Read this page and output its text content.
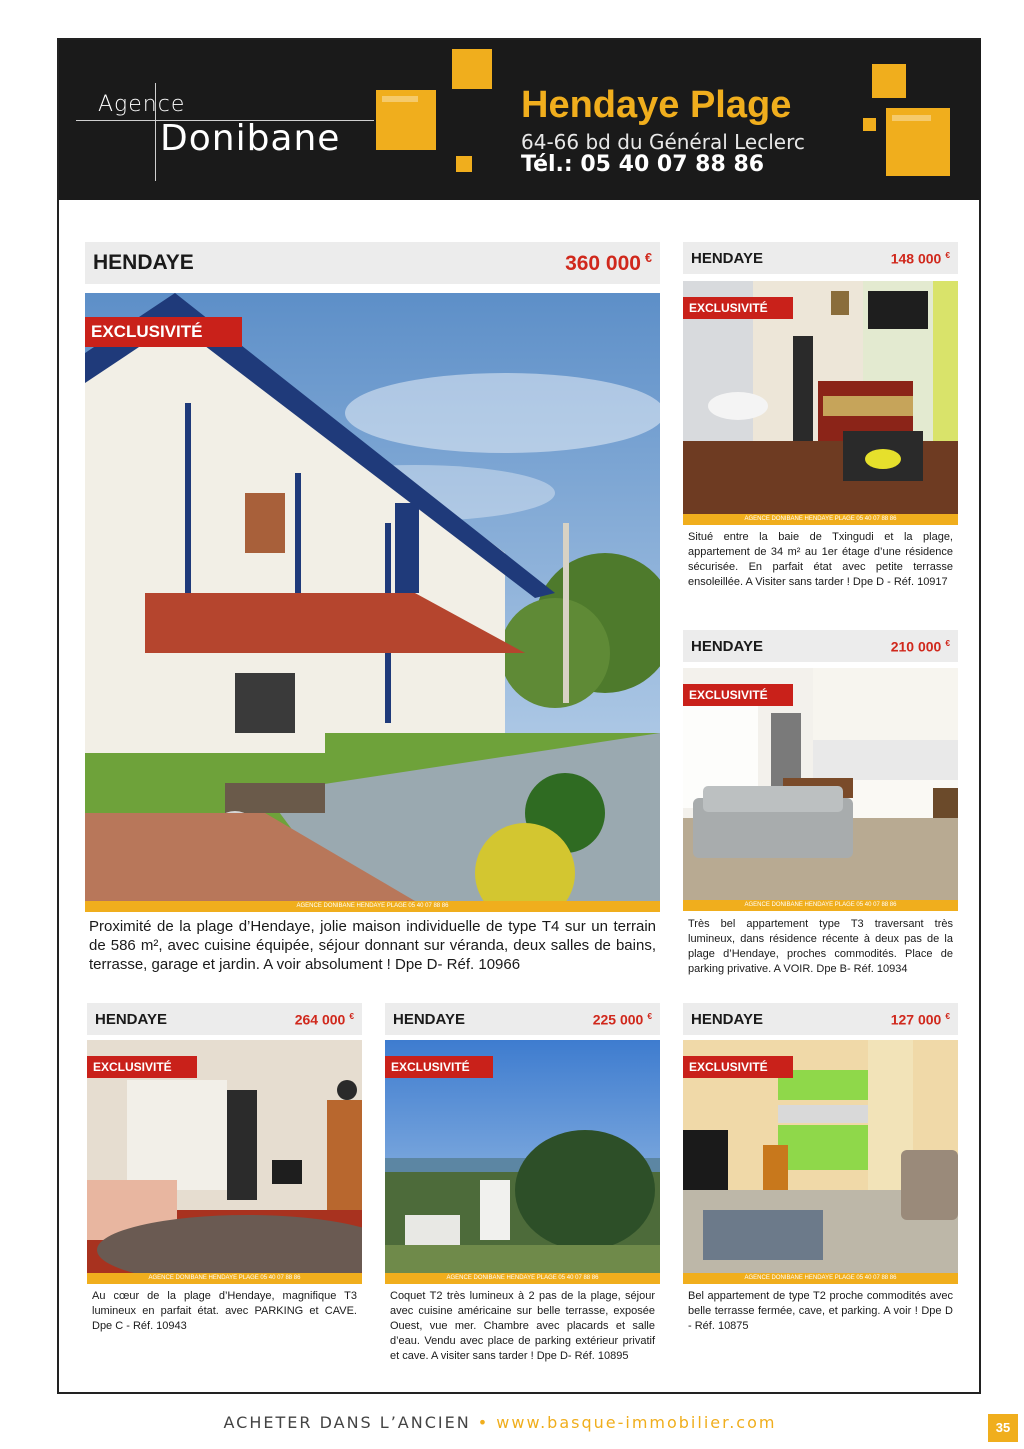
Agence
Donibane
Hendaye Plage
64-66 bd du Général Leclerc
Tél.: 05 40 07 88 86
HENDAYE	360 000 €
EXCLUSIVITÉ
AGENCE DONIBANE HENDAYE PLAGE 05 40 07 88 86
Proximité de la plage d’Hendaye, jolie maison individuelle de type T4 sur un terrain de 586 m², avec cuisine équipée, séjour donnant sur véranda, deux salles de bains, terrasse, garage et jardin. A voir absolument ! Dpe D- Réf. 10966
HENDAYE	148 000 €
EXCLUSIVITÉ
AGENCE DONIBANE HENDAYE PLAGE 05 40 07 88 86
Situé entre la baie de Txingudi et la plage, appartement de 34 m² au 1er étage d’une résidence sécurisée. En parfait état avec petite terrasse ensoleillée. A Visiter sans tarder ! Dpe D - Réf. 10917
HENDAYE	210 000 €
EXCLUSIVITÉ
AGENCE DONIBANE HENDAYE PLAGE 05 40 07 88 86
Très bel appartement type T3 traversant très lumineux, dans résidence récente à deux pas de la plage d’Hendaye, proches commodités. Place de parking privative. A VOIR. Dpe B- Réf. 10934
HENDAYE	264 000 €
EXCLUSIVITÉ
AGENCE DONIBANE HENDAYE PLAGE 05 40 07 88 86
Au cœur de la plage d’Hendaye, magnifique T3 lumineux en parfait état. avec PARKING et CAVE. Dpe C - Réf. 10943
HENDAYE	225 000 €
EXCLUSIVITÉ
AGENCE DONIBANE HENDAYE PLAGE 05 40 07 88 86
Coquet T2 très lumineux à 2 pas de la plage, séjour avec cuisine américaine sur belle terrasse, exposée Ouest, vue mer. Chambre avec placards et salle d’eau. Vendu avec place de parking extérieur privatif et cave. A visiter sans tarder ! Dpe D- Réf. 10895
HENDAYE	127 000 €
EXCLUSIVITÉ
AGENCE DONIBANE HENDAYE PLAGE 05 40 07 88 86
Bel appartement de type T2 proche commodités avec belle terrasse fermée, cave, et parking. A voir ! Dpe D - Réf. 10875
ACHETER DANS L’ANCIEN • www.basque-immobilier.com	35
